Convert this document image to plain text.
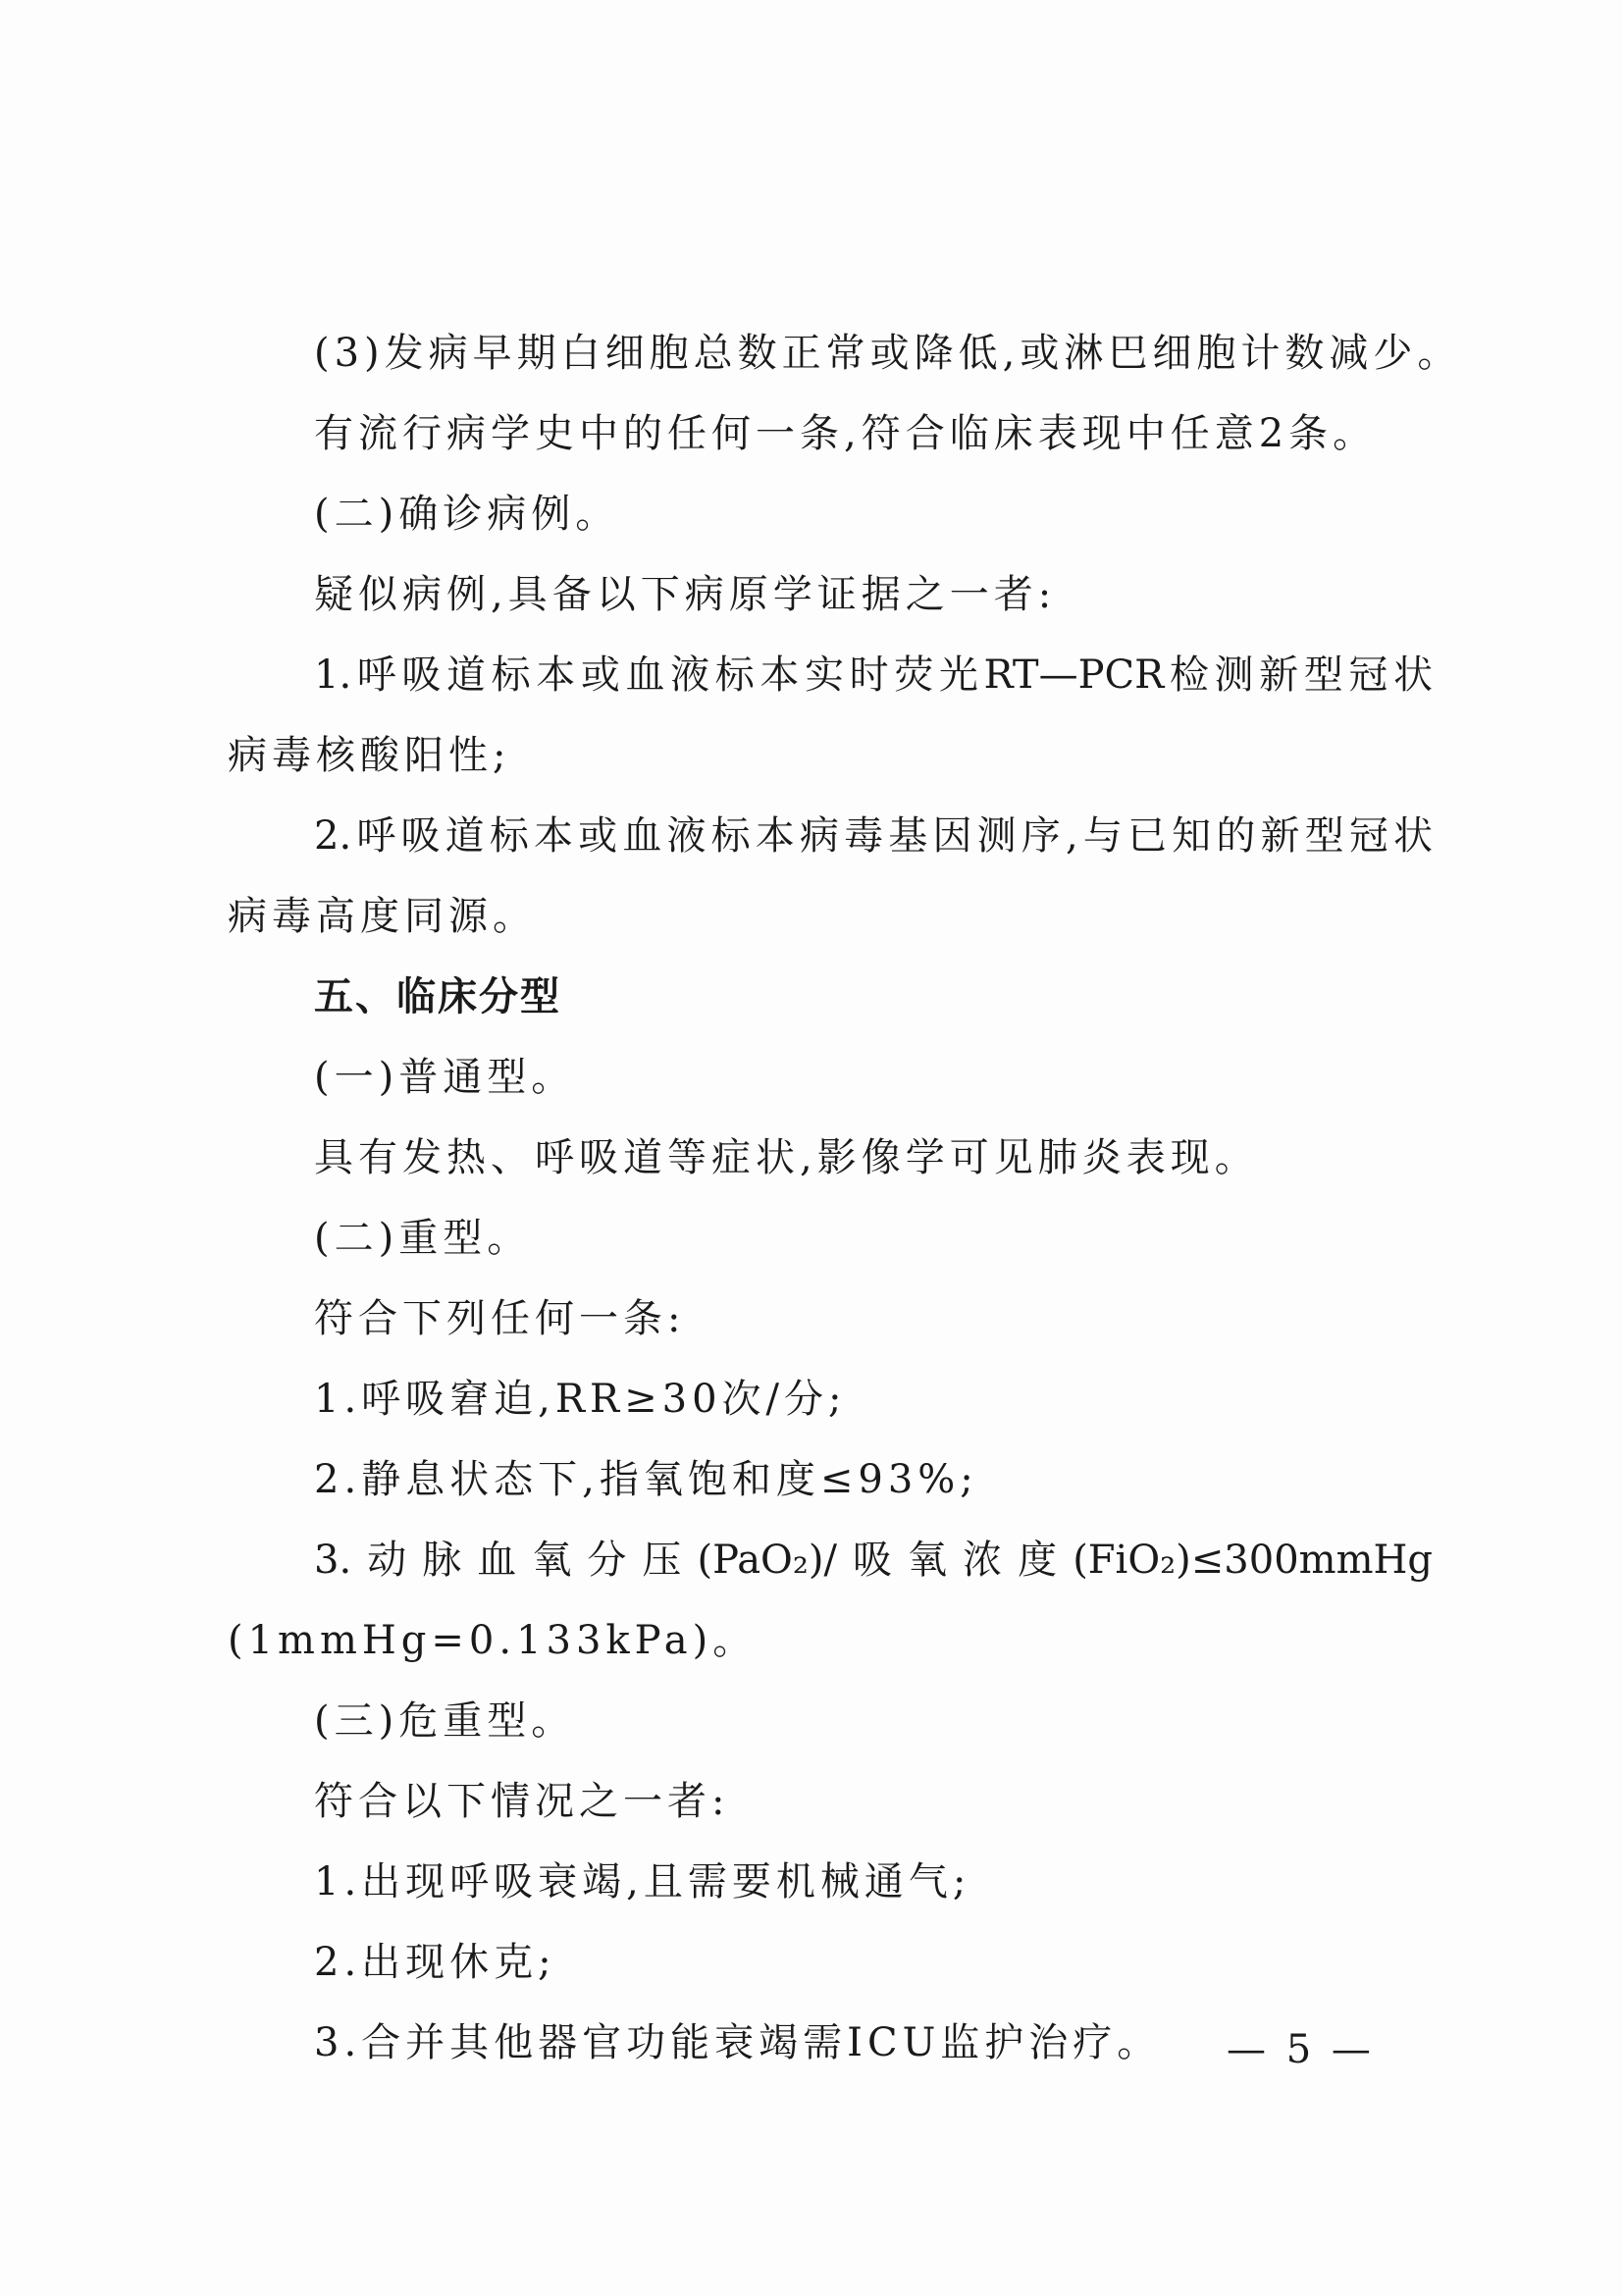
(3)发病早期白细胞总数正常或降低,或淋巴细胞计数减少。
有流行病学史中的任何一条,符合临床表现中任意2条。
(二)确诊病例。
疑似病例,具备以下病原学证据之一者:
1.呼吸道标本或血液标本实时荧光RT—PCR检测新型冠状
病毒核酸阳性;
2.呼吸道标本或血液标本病毒基因测序,与已知的新型冠状
病毒高度同源。
五、临床分型
(一)普通型。
具有发热、呼吸道等症状,影像学可见肺炎表现。
(二)重型。
符合下列任何一条:
1.呼吸窘迫,RR≥30次/分;
2.静息状态下,指氧饱和度≤93%;
3.动脉血氧分压(PaO₂)/吸氧浓度(FiO₂)≤300mmHg
(1mmHg=0.133kPa)。
(三)危重型。
符合以下情况之一者:
1.出现呼吸衰竭,且需要机械通气;
2.出现休克;
3.合并其他器官功能衰竭需ICU监护治疗。 — 5 —
